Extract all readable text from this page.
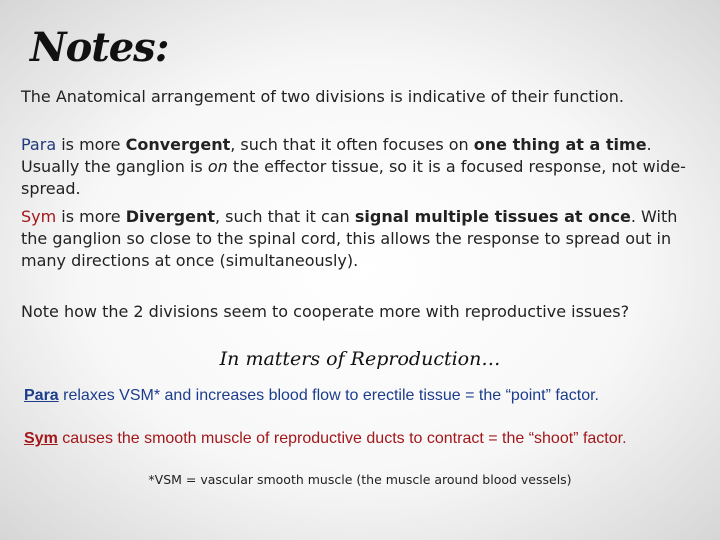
Notes:
The Anatomical arrangement of two divisions is indicative of their function.
Para is more Convergent, such that it often focuses on one thing at a time. Usually the ganglion is on the effector tissue, so it is a focused response, not wide-spread.
Sym is more Divergent, such that it can signal multiple tissues at once. With the ganglion so close to the spinal cord, this allows the response to spread out in many directions at once (simultaneously).
Note how the 2 divisions seem to cooperate more with reproductive issues?
In matters of Reproduction…
Para relaxes VSM* and increases blood flow to erectile tissue = the “point” factor.
Sym causes the smooth muscle of reproductive ducts to contract = the “shoot” factor.
*VSM = vascular smooth muscle (the muscle around blood vessels)
